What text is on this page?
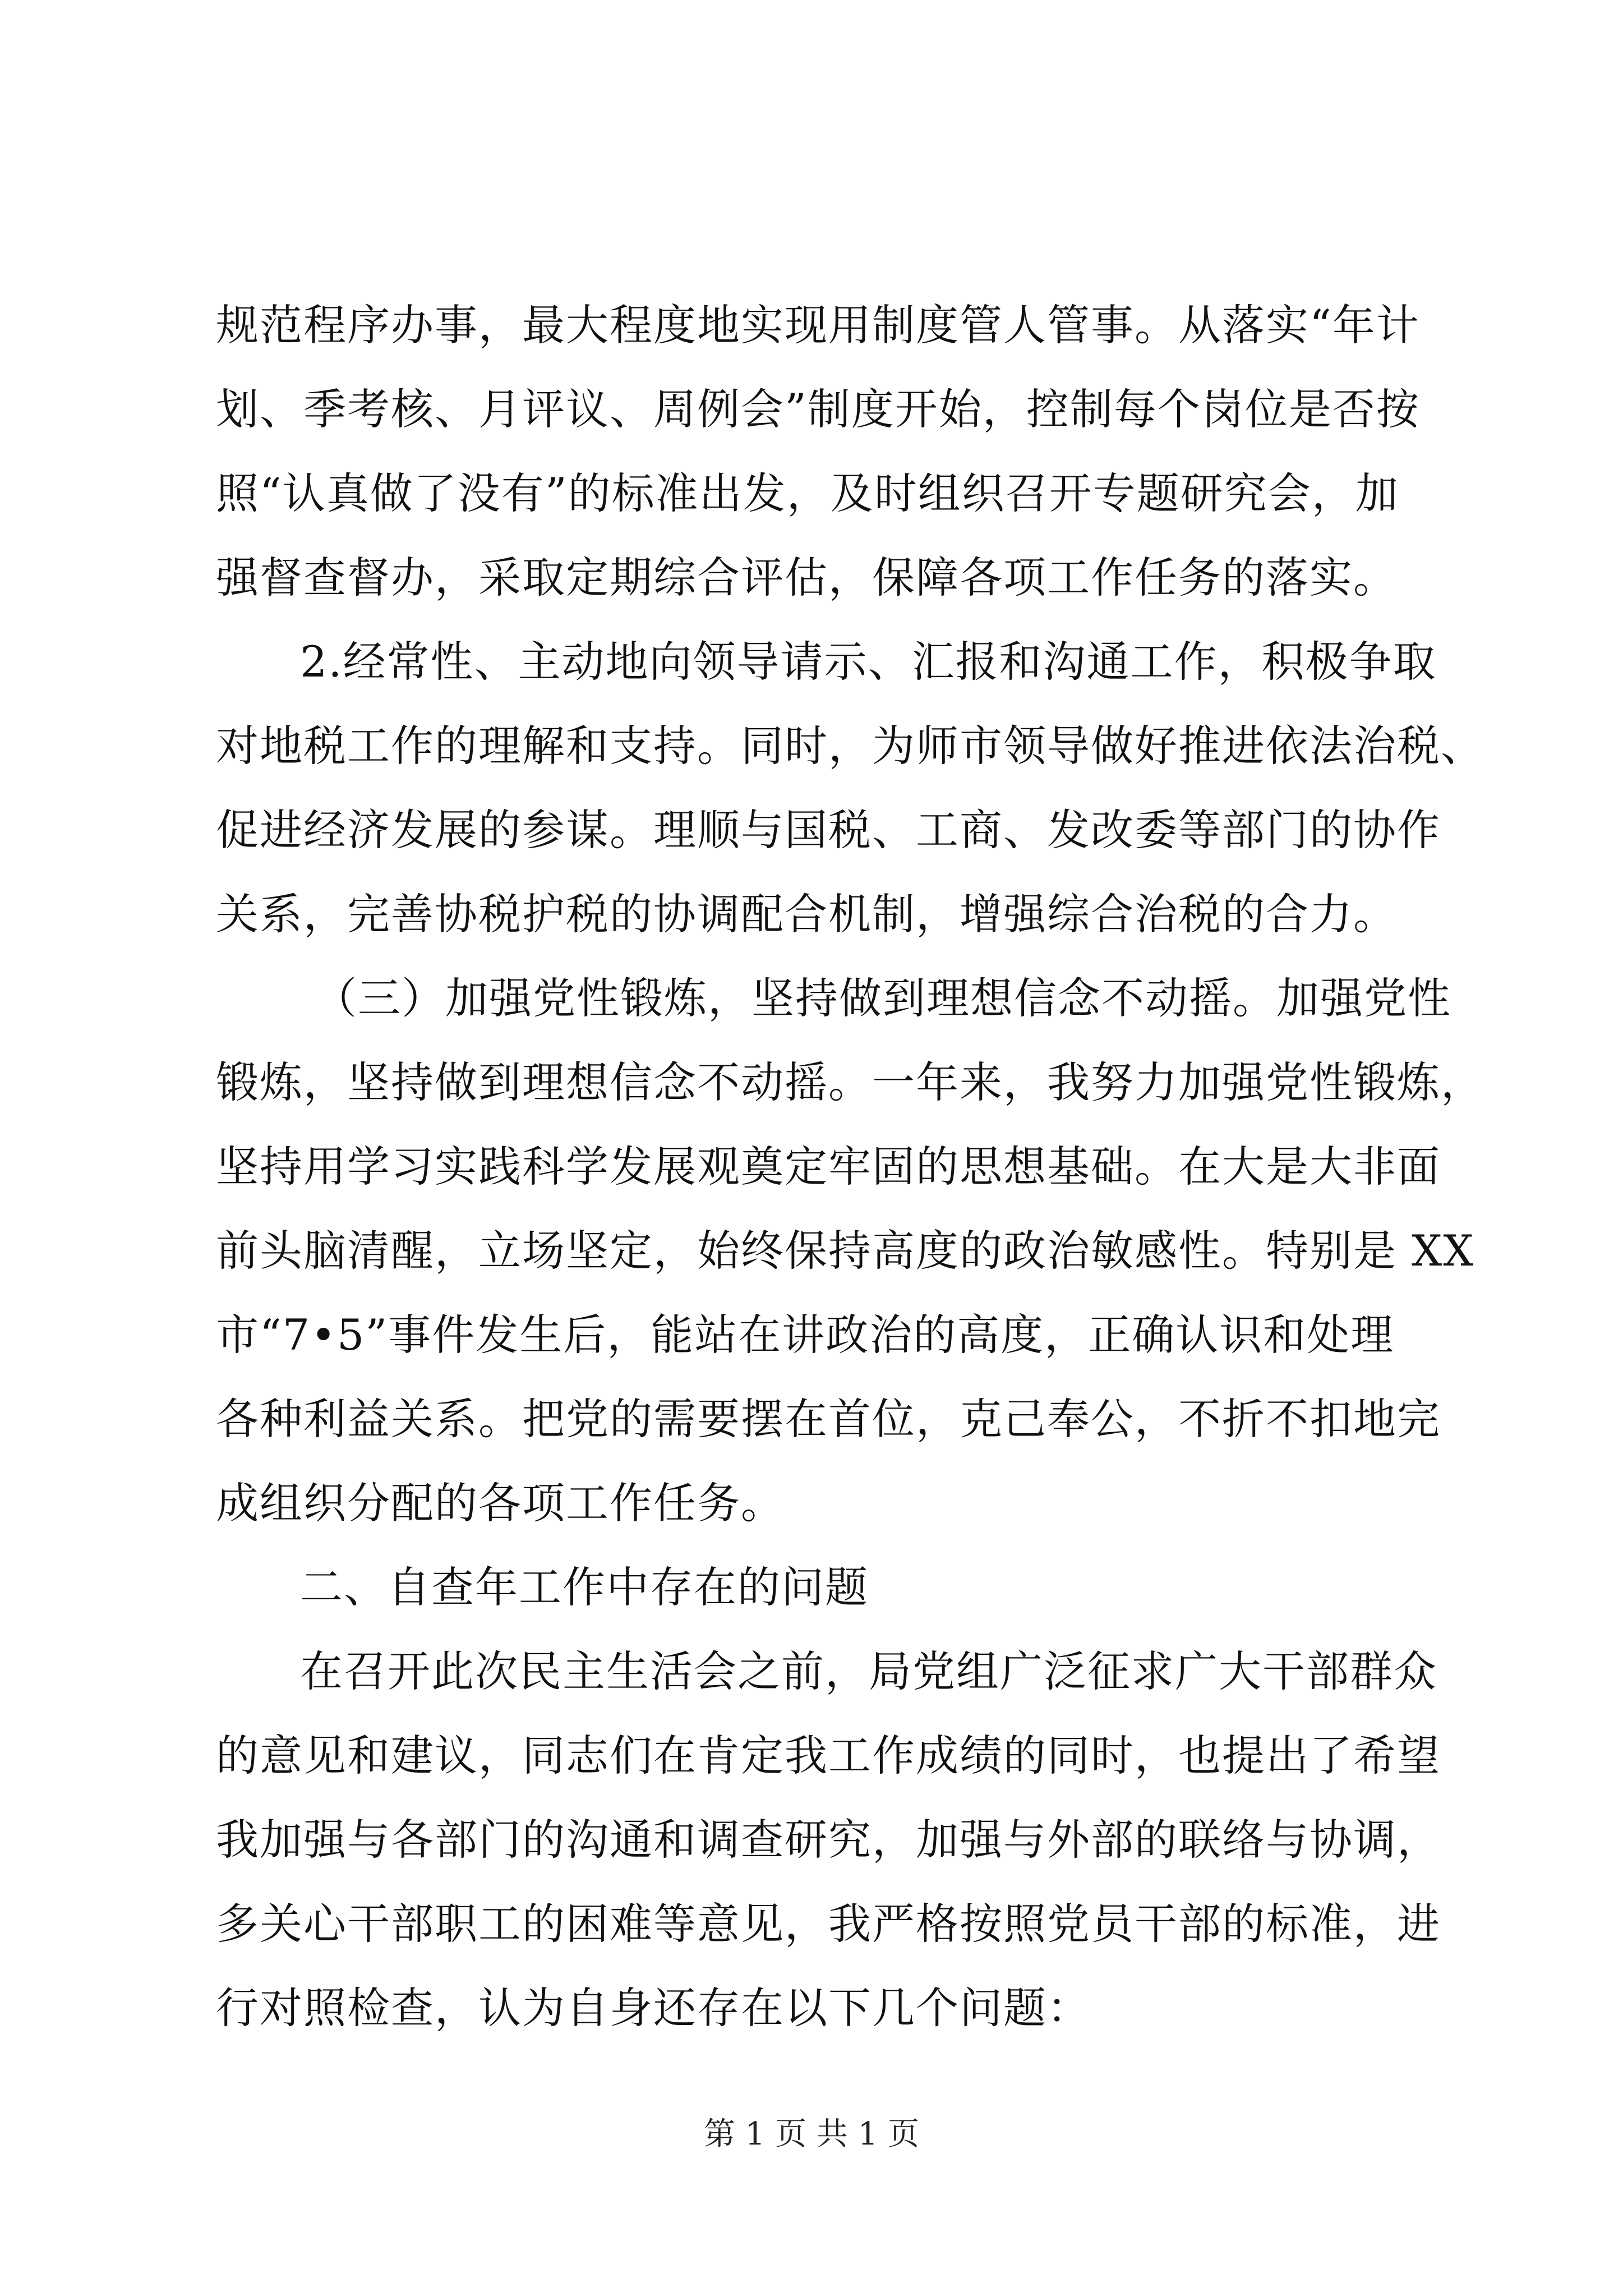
规范程序办事，最大程度地实现用制度管人管事。从落实“年计
划、季考核、月评议、周例会”制度开始，控制每个岗位是否按
照“认真做了没有”的标准出发，及时组织召开专题研究会，加
强督查督办，采取定期综合评估，保障各项工作任务的落实。
2.经常性、主动地向领导请示、汇报和沟通工作，积极争取
对地税工作的理解和支持。同时，为师市领导做好推进依法治税、
促进经济发展的参谋。理顺与国税、工商、发改委等部门的协作
关系，完善协税护税的协调配合机制，增强综合治税的合力。
（三）加强党性锻炼，坚持做到理想信念不动摇。加强党性
锻炼，坚持做到理想信念不动摇。一年来，我努力加强党性锻炼，
坚持用学习实践科学发展观奠定牢固的思想基础。在大是大非面
前头脑清醒，立场坚定，始终保持高度的政治敏感性。特别是 XX
市“7•5”事件发生后，能站在讲政治的高度，正确认识和处理
各种利益关系。把党的需要摆在首位，克己奉公，不折不扣地完
成组织分配的各项工作任务。
二、自查年工作中存在的问题
在召开此次民主生活会之前，局党组广泛征求广大干部群众
的意见和建议，同志们在肯定我工作成绩的同时，也提出了希望
我加强与各部门的沟通和调查研究，加强与外部的联络与协调，
多关心干部职工的困难等意见，我严格按照党员干部的标准，进
行对照检查，认为自身还存在以下几个问题：
第 1 页 共 1 页
